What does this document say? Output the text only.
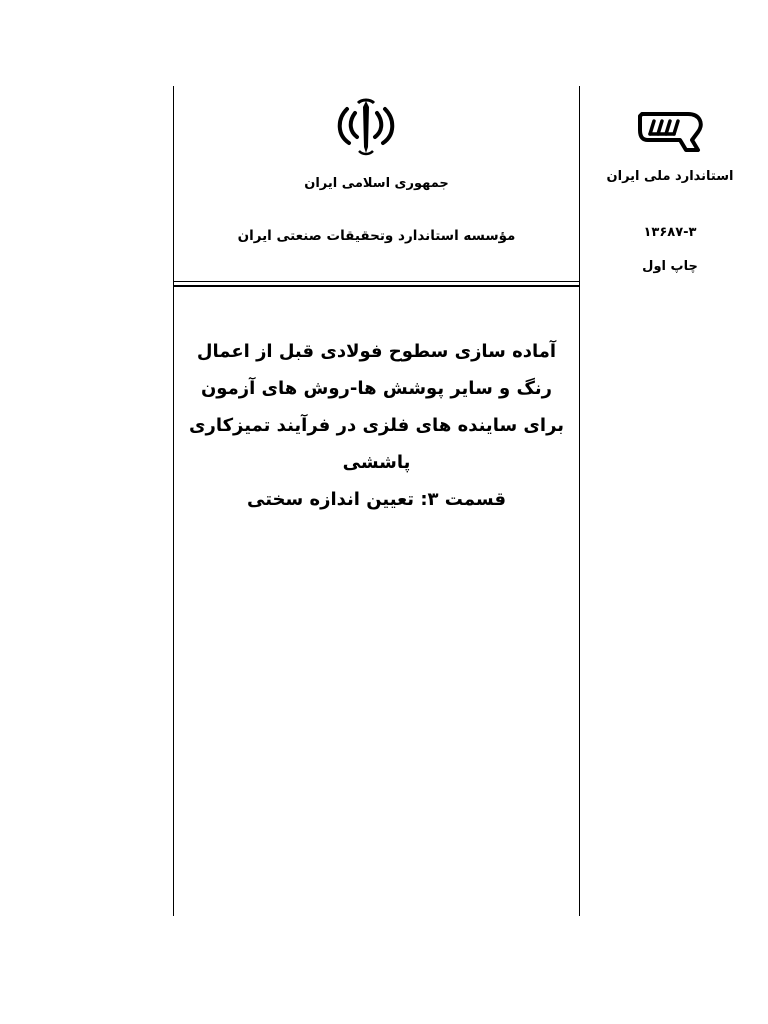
جمهوری اسلامی ایران
مؤسسه استاندارد وتحقیقات صنعتی ایران
آماده سازی سطوح فولادی قبل از اعمال
رنگ و سایر پوشش ها-روش های آزمون
برای ساینده های فلزی در فرآیند تمیزکاری
پاششی
قسمت ۳: تعیین اندازه سختی
استاندارد ملی ایران
۱۳۶۸۷-۳
چاپ اول
